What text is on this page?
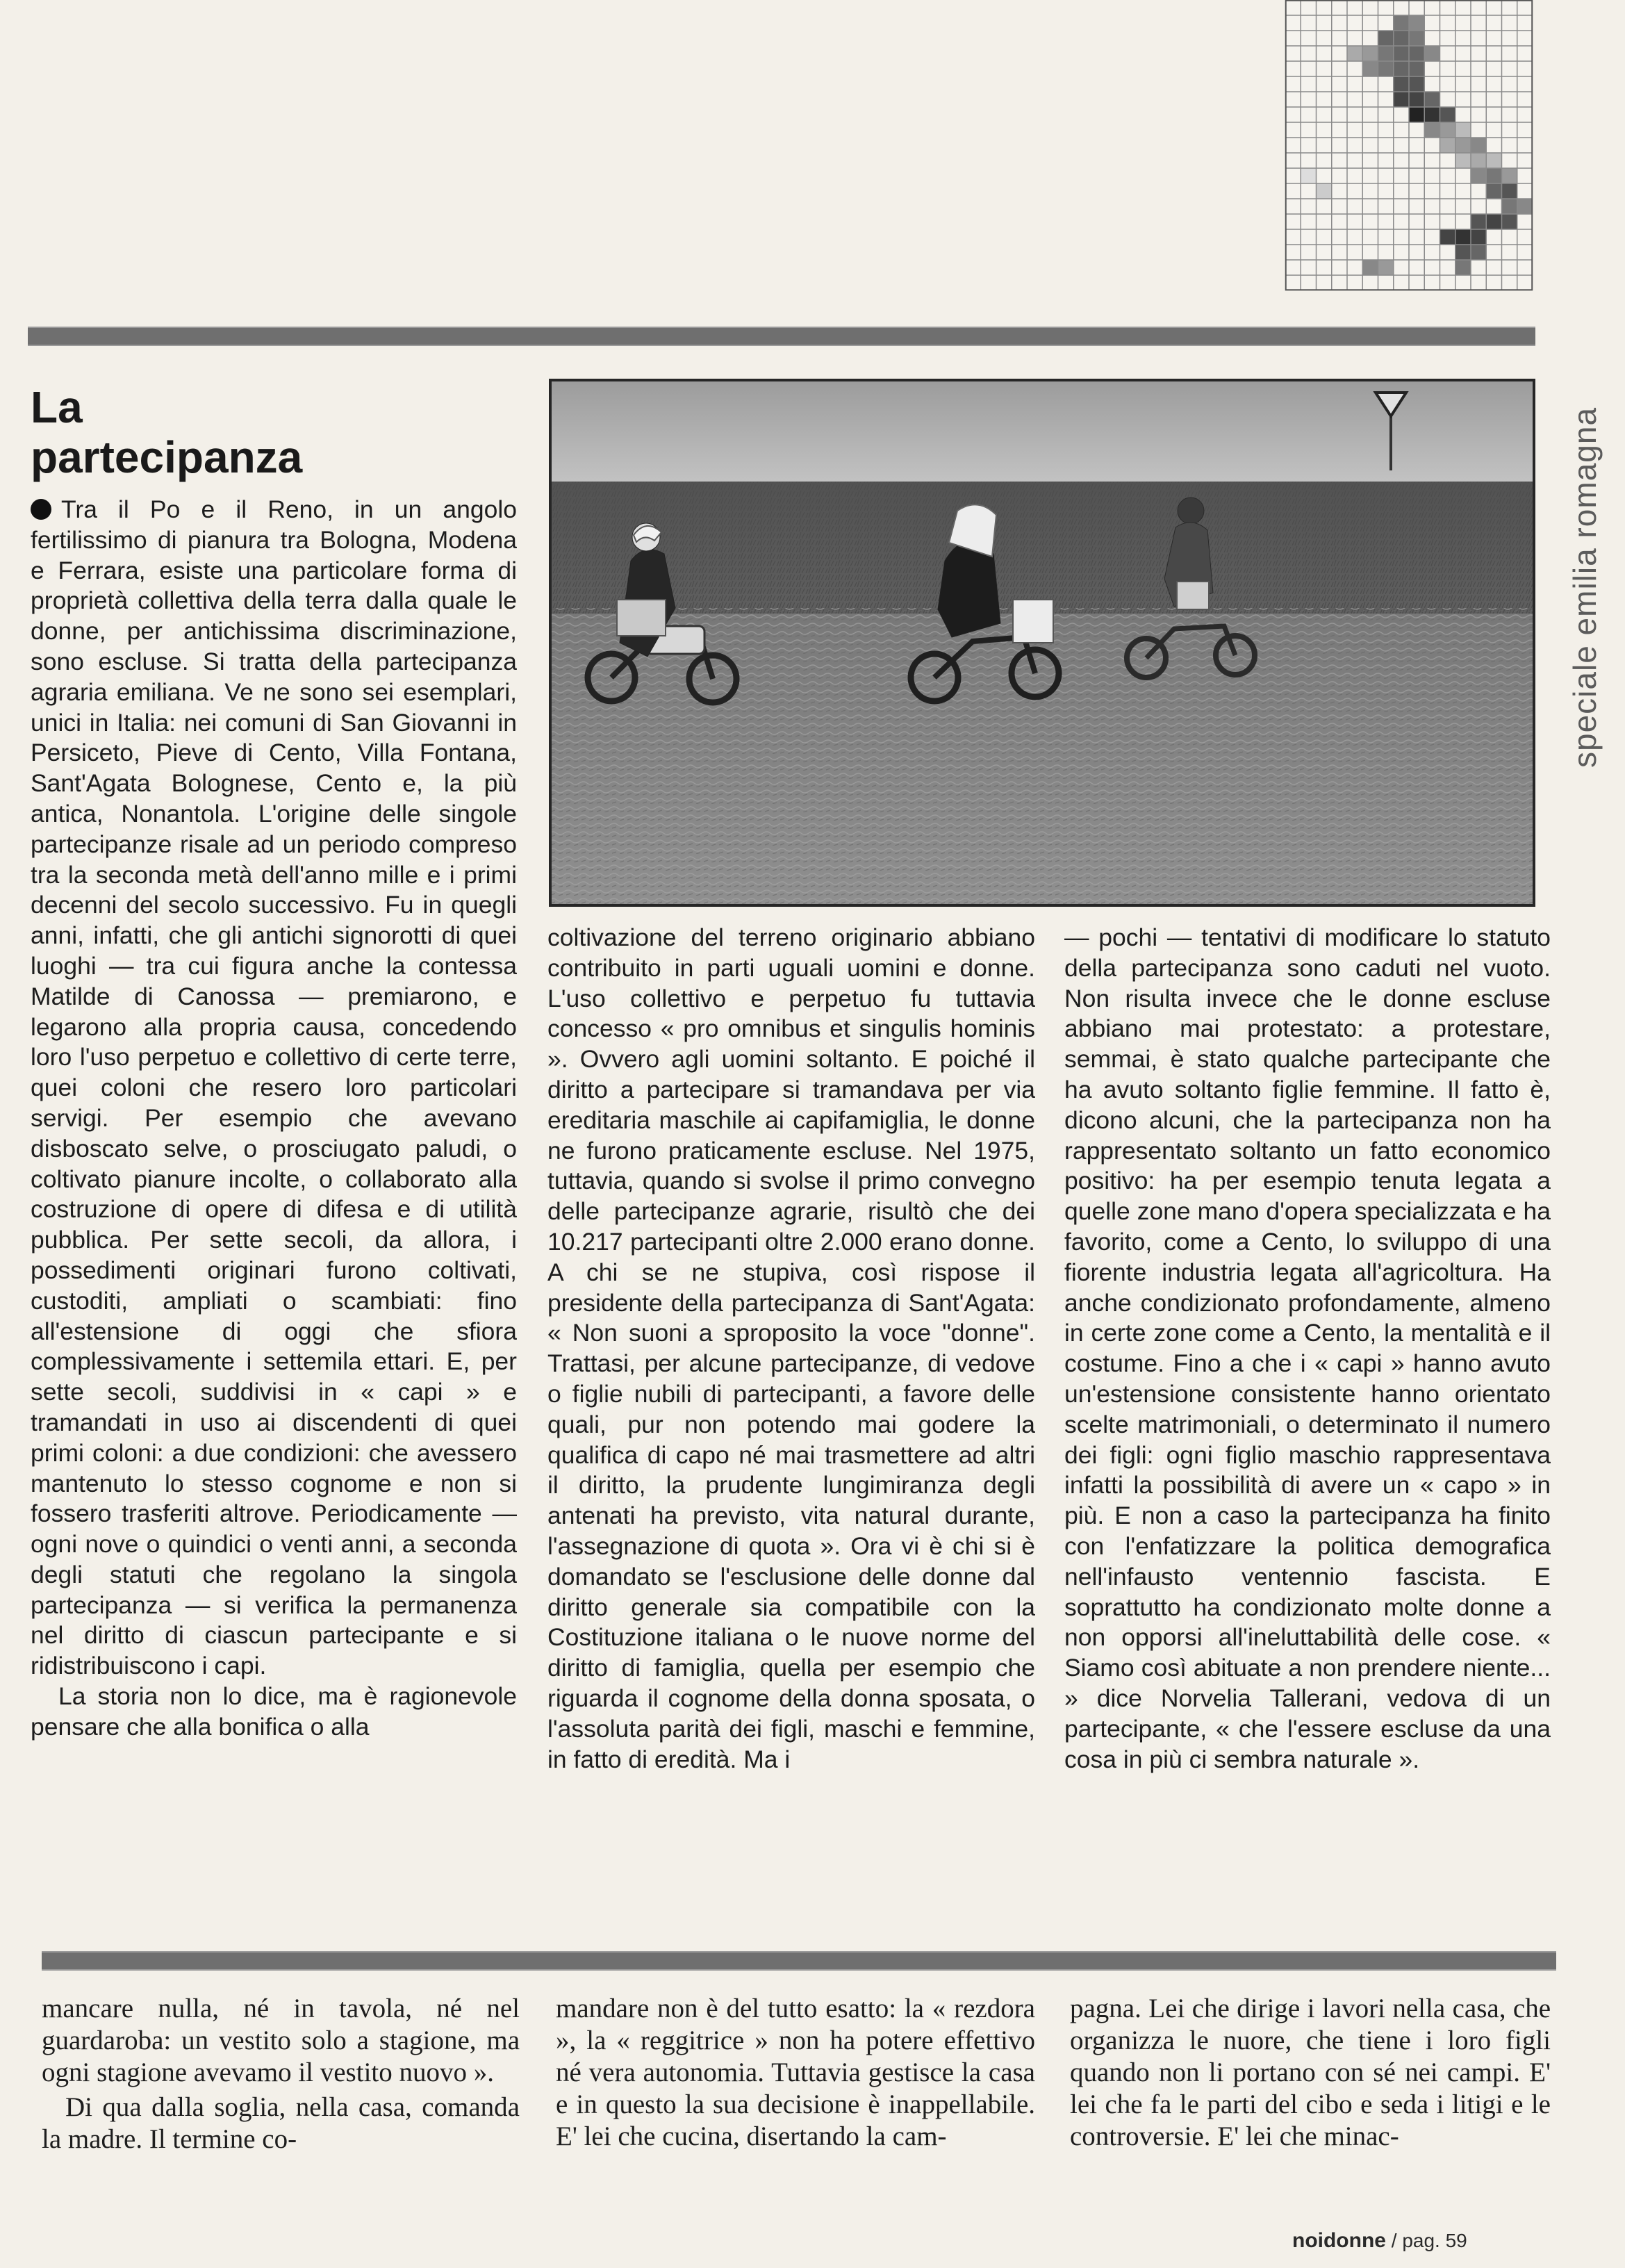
La
partecipanza	speciale emilia romagna

Tra il Po e il Reno, in un angolo fertilissimo di pianura tra Bologna, Modena e Ferrara, esiste una particolare forma di proprietà collettiva della terra dalla quale le donne, per antichissima discriminazione, sono escluse. Si tratta della partecipanza agraria emiliana. Ve ne sono sei esemplari, unici in Italia: nei comuni di San Giovanni in Persiceto, Pieve di Cento, Villa Fontana, Sant'Agata Bolognese, Cento e, la più antica, Nonantola. L'origine delle singole partecipanze risale ad un periodo compreso tra la seconda metà dell'anno mille e i primi decenni del secolo successivo. Fu in quegli anni, infatti, che gli antichi signorotti di quei luoghi — tra cui figura anche la contessa Matilde di Canossa — premiarono, e legarono alla propria causa, concedendo loro l'uso perpetuo e collettivo di certe terre, quei coloni che resero loro particolari servigi. Per esempio che avevano disboscato selve, o prosciugato paludi, o coltivato pianure incolte, o collaborato alla costruzione di opere di difesa e di utilità pubblica. Per sette secoli, da allora, i possedimenti originari furono coltivati, custoditi, ampliati o scambiati: fino all'estensione di oggi che sfiora complessivamente i settemila ettari. E, per sette secoli, suddivisi in « capi » e tramandati in uso ai discendenti di quei primi coloni: a due condizioni: che avessero mantenuto lo stesso cognome e non si fossero trasferiti altrove. Periodicamente — ogni nove o quindici o venti anni, a seconda degli statuti che regolano la singola partecipanza — si verifica la permanenza nel diritto di ciascun partecipante e si ridistribuiscono i capi.

La storia non lo dice, ma è ragionevole pensare che alla bonifica o alla

coltivazione del terreno originario abbiano contribuito in parti uguali uomini e donne. L'uso collettivo e perpetuo fu tuttavia concesso « pro omnibus et singulis hominis ». Ovvero agli uomini soltanto. E poiché il diritto a partecipare si tramandava per via ereditaria maschile ai capifamiglia, le donne ne furono praticamente escluse. Nel 1975, tuttavia, quando si svolse il primo convegno delle partecipanze agrarie, risultò che dei 10.217 partecipanti oltre 2.000 erano donne. A chi se ne stupiva, così rispose il presidente della partecipanza di Sant'Agata: « Non suoni a sproposito la voce "donne". Trattasi, per alcune partecipanze, di vedove o figlie nubili di partecipanti, a favore delle quali, pur non potendo mai godere la qualifica di capo né mai trasmettere ad altri il diritto, la prudente lungimiranza degli antenati ha previsto, vita natural durante, l'assegnazione di quota ». Ora vi è chi si è domandato se l'esclusione delle donne dal diritto generale sia compatibile con la Costituzione italiana o le nuove norme del diritto di famiglia, quella per esempio che riguarda il cognome della donna sposata, o l'assoluta parità dei figli, maschi e femmine, in fatto di eredità. Ma i

— pochi — tentativi di modificare lo statuto della partecipanza sono caduti nel vuoto. Non risulta invece che le donne escluse abbiano mai protestato: a protestare, semmai, è stato qualche partecipante che ha avuto soltanto figlie femmine. Il fatto è, dicono alcuni, che la partecipanza non ha rappresentato soltanto un fatto economico positivo: ha per esempio tenuta legata a quelle zone mano d'opera specializzata e ha favorito, come a Cento, lo sviluppo di una fiorente industria legata all'agricoltura. Ha anche condizionato profondamente, almeno in certe zone come a Cento, la mentalità e il costume. Fino a che i « capi » hanno avuto un'estensione consistente hanno orientato scelte matrimoniali, o determinato il numero dei figli: ogni figlio maschio rappresentava infatti la possibilità di avere un « capo » in più. E non a caso la partecipanza ha finito con l'enfatizzare la politica demografica nell'infausto ventennio fascista. E soprattutto ha condizionato molte donne a non opporsi all'ineluttabilità delle cose. « Siamo così abituate a non prendere niente... » dice Norvelia Tallerani, vedova di un partecipante, « che l'essere escluse da una cosa in più ci sembra naturale ».

mancare nulla, né in tavola, né nel guardaroba: un vestito solo a stagione, ma ogni stagione avevamo il vestito nuovo ».

Di qua dalla soglia, nella casa, comanda la madre. Il termine co-

mandare non è del tutto esatto: la « rezdora », la « reggitrice » non ha potere effettivo né vera autonomia. Tuttavia gestisce la casa e in questo la sua decisione è inappellabile. E' lei che cucina, disertando la cam-

pagna. Lei che dirige i lavori nella casa, che organizza le nuore, che tiene i loro figli quando non li portano con sé nei campi. E' lei che fa le parti del cibo e seda i litigi e le controversie. E' lei che minac-

noidonne / pag. 59
